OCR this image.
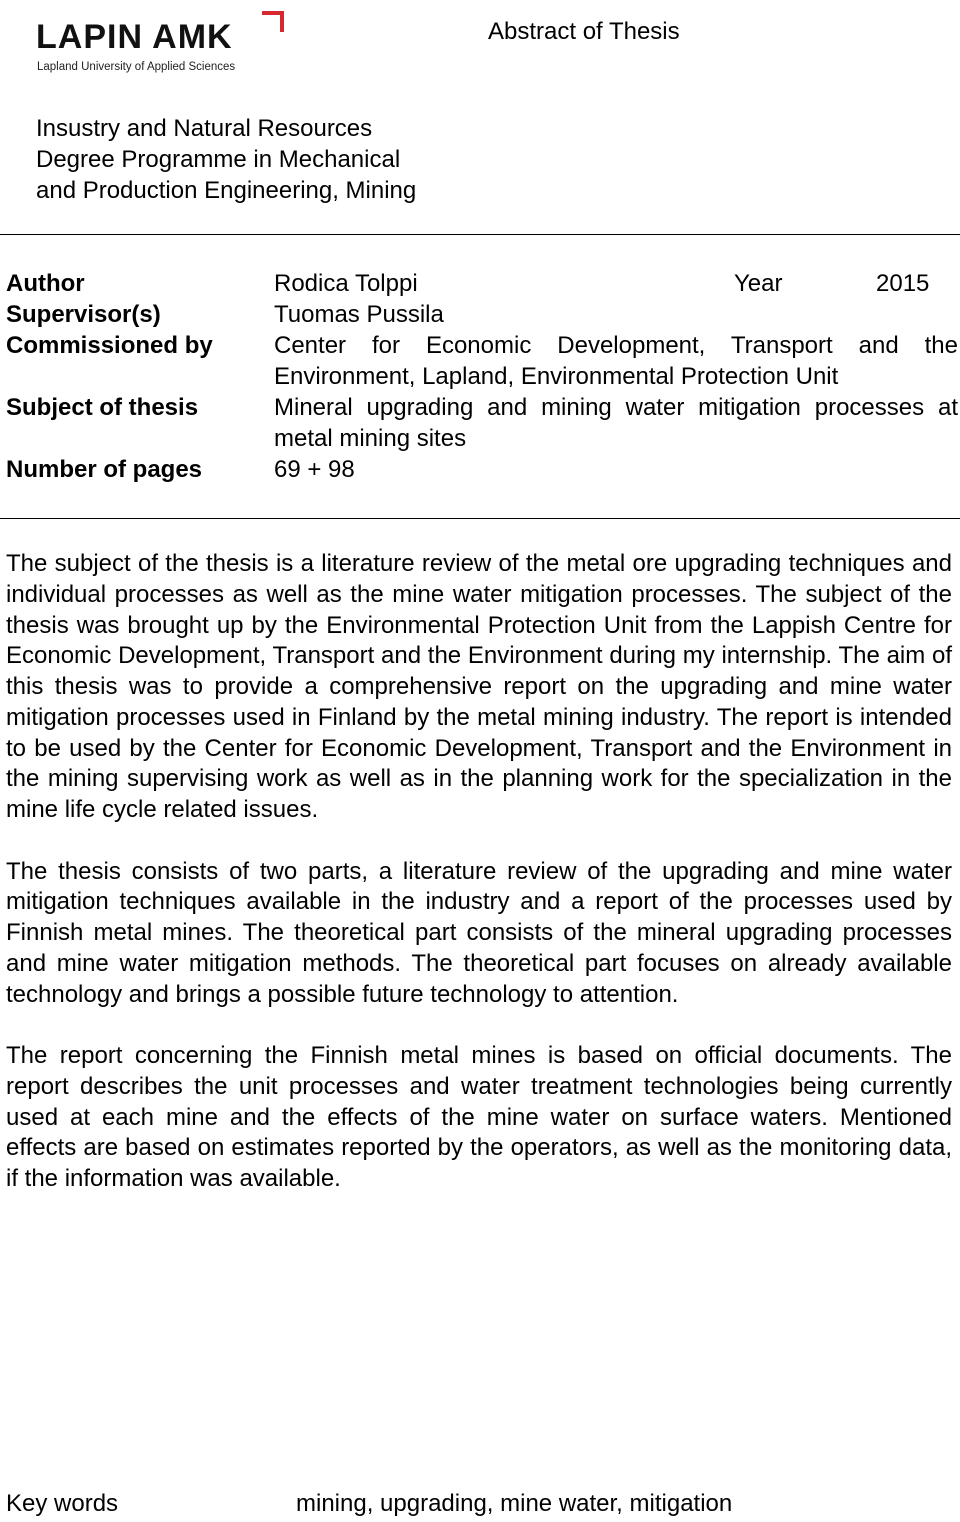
LAPIN AMK
Lapland University of Applied Sciences
Abstract of Thesis
Insustry and Natural Resources
Degree Programme in Mechanical
and Production Engineering, Mining
Author	Rodica Tolppi	Year	2015
Supervisor(s)	Tuomas Pussila
Commissioned by	Center for Economic Development, Transport and the Environment, Lapland, Environmental Protection Unit
Subject of thesis	Mineral upgrading and mining water mitigation processes at metal mining sites
Number of pages	69 + 98

The subject of the thesis is a literature review of the metal ore upgrading techniques and individual processes as well as the mine water mitigation processes. The subject of the thesis was brought up by the Environmental Protection Unit from the Lappish Centre for Economic Development, Transport and the Environment during my internship. The aim of this thesis was to provide a comprehensive report on the upgrading and mine water mitigation processes used in Finland by the metal mining industry. The report is intended to be used by the Center for Economic Development, Transport and the Environment in the mining supervising work as well as in the planning work for the specialization in the mine life cycle related issues.

The thesis consists of two parts, a literature review of the upgrading and mine water mitigation techniques available in the industry and a report of the processes used by Finnish metal mines. The theoretical part consists of the mineral upgrading processes and mine water mitigation methods. The theoretical part focuses on already available technology and brings a possible future technology to attention.

The report concerning the Finnish metal mines is based on official documents. The report describes the unit processes and water treatment technologies being currently used at each mine and the effects of the mine water on surface waters. Mentioned effects are based on estimates reported by the operators, as well as the monitoring data, if the information was available.

Key words	mining, upgrading, mine water, mitigation
